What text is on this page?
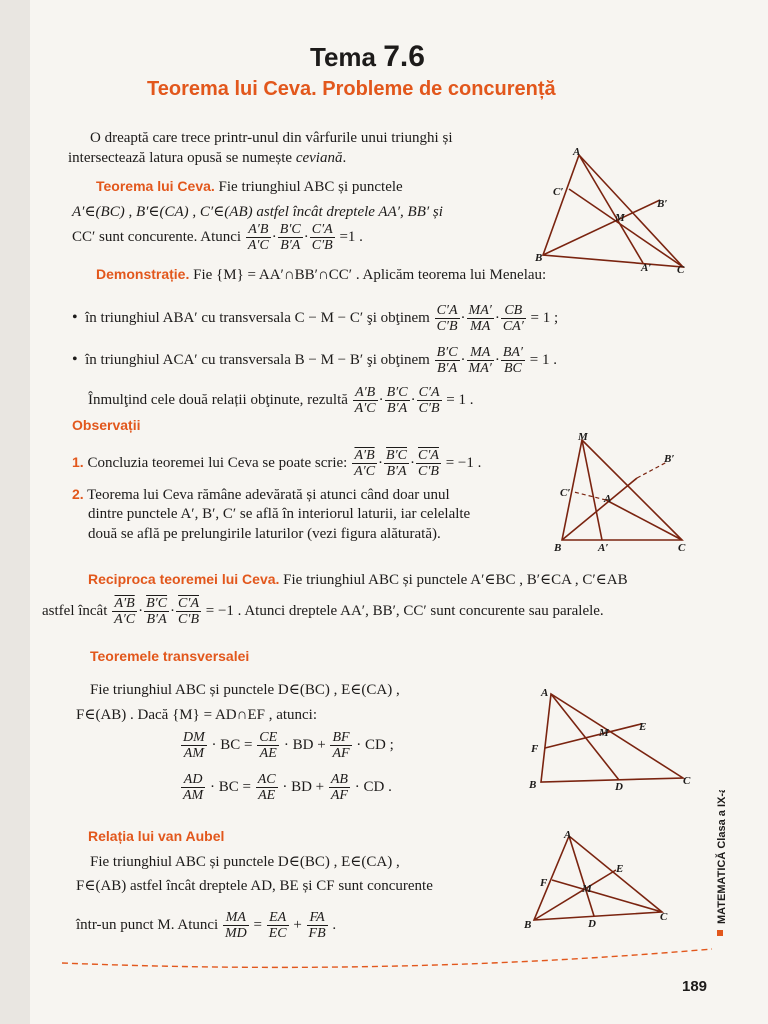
Tema 7.6
Teorema lui Ceva. Probleme de concurență
O dreaptă care trece printr-unul din vârfurile unui triunghi și
intersectează latura opusă se numește ceviană.
Teorema lui Ceva. Fie triunghiul ABC și punctele
A′∈(BC) , B′∈(CA) , C′∈(AB) astfel încât dreptele AA′, BB′ și
CC′ sunt concurente. Atunci $\frac{A'B}{A'C} \cdot \frac{B'C}{B'A} \cdot \frac{C'A}{C'B} =1$ .
Demonstrație. Fie {M} = AA′∩BB′∩CC′ . Aplicăm teorema lui Menelau:
• în triunghiul ABA′ cu transversala C − M − C′ şi obţinem $\frac{C'A}{C'B} \cdot \frac{MA'}{MA} \cdot \frac{CB}{CA'} = 1$ ;
• în triunghiul ACA′ cu transversala B − M − B′ şi obţinem $\frac{B'C}{B'A} \cdot \frac{MA}{MA'} \cdot \frac{BA'}{BC} = 1$ .
Înmulţind cele două relații obţinute, rezultă $\frac{A'B}{A'C} \cdot \frac{B'C}{B'A} \cdot \frac{C'A}{C'B} = 1$ .
Observații
1. Concluzia teoremei lui Ceva se poate scrie: $\frac{A'B}{A'C} \cdot \frac{B'C}{B'A} \cdot \frac{C'A}{C'B} = -1$ .
2. Teorema lui Ceva rămâne adevărată și atunci când doar unul
dintre punctele A′, B′, C′ se află în interiorul laturii, iar celelalte
două se află pe prelungirile laturilor (vezi figura alăturată).
Reciproca teoremei lui Ceva. Fie triunghiul ABC și punctele A′∈BC , B′∈CA , C′∈AB
astfel încât $\frac{A'B}{A'C} \cdot \frac{B'C}{B'A} \cdot \frac{C'A}{C'B} = -1$ . Atunci dreptele AA′, BB′, CC′ sunt concurente sau paralele.
Teoremele transversalei
Fie triunghiul ABC și punctele D∈(BC) , E∈(CA) ,
F∈(AB) . Dacă {M} = AD∩EF , atunci:
$\frac{DM}{AM}$ · BC = $\frac{CE}{AE}$ · BD + $\frac{BF}{AF}$ · CD ;
$\frac{AD}{AM}$ · BC = $\frac{AC}{AE}$ · BD + $\frac{AB}{AF}$ · CD .
Relația lui van Aubel
Fie triunghiul ABC și punctele D∈(BC) , E∈(CA) ,
F∈(AB) astfel încât dreptele AD, BE și CF sunt concurente
într-un punct M. Atunci $\frac{MA}{MD} = \frac{EA}{EC} + \frac{FA}{FB}$ .
A
C′
M
B′
B
A′ C
M
B′
C′	A
B	A′	C
A
E
M
F
B	D	C
A
E
F	M
B	D
C	MATEMATICĂ Clasa a IX-a
189
